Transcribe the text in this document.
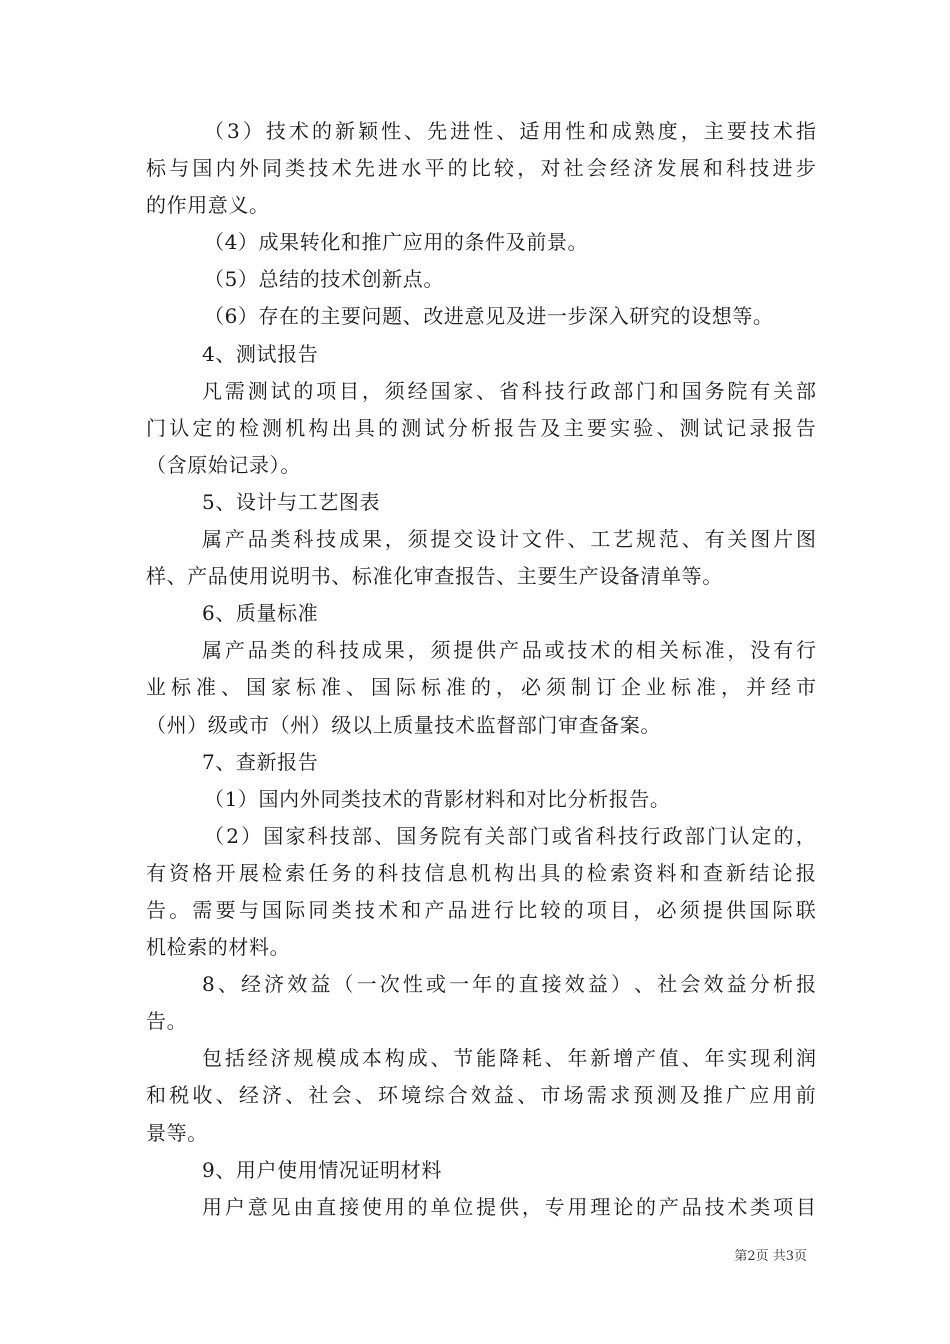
（ 3 ） 技 术 的 新 颖 性 、 先 进 性 、 适 用 性 和 成 熟 度 ， 主 要 技 术 指
标 与 国 内 外 同 类 技 术 先 进 水 平 的 比 较 ， 对 社 会 经 济 发 展 和 科 技 进 步
的作用意义。
（4）成果转化和推广应用的条件及前景。
（5）总结的技术创新点。
（6）存在的主要问题、改进意见及进一步深入研究的设想等。
4、测试报告
凡 需 测 试 的 项 目 ， 须 经 国 家 、 省 科 技 行 政 部 门 和 国 务 院 有 关 部
门 认 定 的 检 测 机 构 出 具 的 测 试 分 析 报 告 及 主 要 实 验 、 测 试 记 录 报 告
（含原始记录）。
5、设计与工艺图表
属 产 品 类 科 技 成 果 ， 须 提 交 设 计 文 件 、 工 艺 规 范 、 有 关 图 片 图
样、产品使用说明书、标准化审查报告、主要生产设备清单等。
6、质量标准
属 产 品 类 的 科 技 成 果 ， 须 提 供 产 品 或 技 术 的 相 关 标 准 ， 没 有 行
业 标 准 、 国 家 标 准 、 国 际 标 准 的 ， 必 须 制 订 企 业 标 准 ， 并 经 市
（州）级或市（州）级以上质量技术监督部门审查备案。
7、查新报告
（1）国内外同类技术的背影材料和对比分析报告。
（ 2 ） 国 家 科 技 部 、 国 务 院 有 关 部 门 或 省 科 技 行 政 部 门 认 定 的 ，
有 资 格 开 展 检 索 任 务 的 科 技 信 息 机 构 出 具 的 检 索 资 料 和 查 新 结 论 报
告 。 需 要 与 国 际 同 类 技 术 和 产 品 进 行 比 较 的 项 目 ， 必 须 提 供 国 际 联
机检索的材料。
8 、 经 济 效 益 （ 一 次 性 或 一 年 的 直 接 效 益 ） 、 社 会 效 益 分 析 报
告。
包 括 经 济 规 模 成 本 构 成 、 节 能 降 耗 、 年 新 增 产 值 、 年 实 现 利 润
和 税 收 、 经 济 、 社 会 、 环 境 综 合 效 益 、 市 场 需 求 预 测 及 推 广 应 用 前
景等。
9、用户使用情况证明材料
用 户 意 见 由 直 接 使 用 的 单 位 提 供 ， 专 用 理 论 的 产 品 技 术 类 项 目
第2页 共3页
